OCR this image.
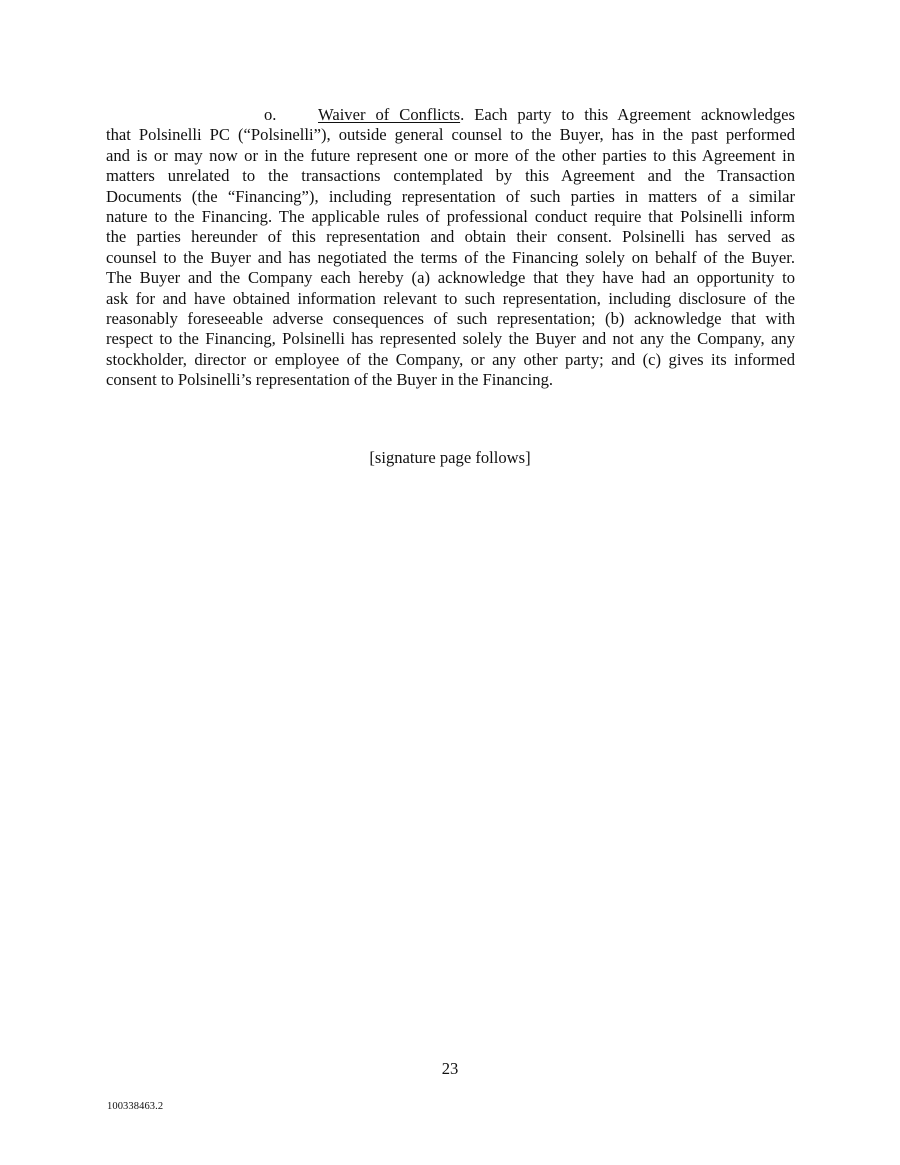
o.	Waiver of Conflicts. Each party to this Agreement acknowledges

that Polsinelli PC (“Polsinelli”), outside general counsel to the Buyer, has in the past performed

and is or may now or in the future represent one or more of the other parties to this Agreement in

matters unrelated to the transactions contemplated by this Agreement and the Transaction

Documents (the “Financing”), including representation of such parties in matters of a similar

nature to the Financing. The applicable rules of professional conduct require that Polsinelli inform

the parties hereunder of this representation and obtain their consent. Polsinelli has served as

counsel to the Buyer and has negotiated the terms of the Financing solely on behalf of the Buyer.

The Buyer and the Company each hereby (a) acknowledge that they have had an opportunity to

ask for and have obtained information relevant to such representation, including disclosure of the

reasonably foreseeable adverse consequences of such representation; (b) acknowledge that with

respect to the Financing, Polsinelli has represented solely the Buyer and not any the Company, any

stockholder, director or employee of the Company, or any other party; and (c) gives its informed

consent to Polsinelli’s representation of the Buyer in the Financing.

[signature page follows]
23
100338463.2
